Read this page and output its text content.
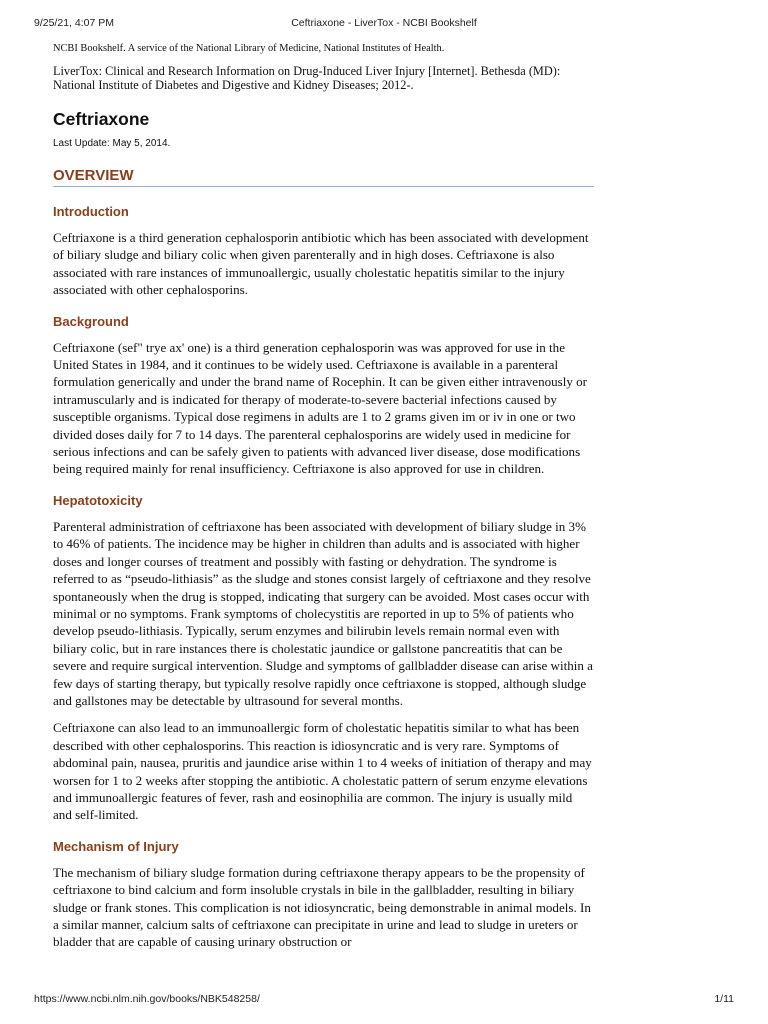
9/25/21, 4:07 PM	Ceftriaxone - LiverTox - NCBI Bookshelf

NCBI Bookshelf. A service of the National Library of Medicine, National Institutes of Health.

LiverTox: Clinical and Research Information on Drug-Induced Liver Injury [Internet]. Bethesda (MD): National Institute of Diabetes and Digestive and Kidney Diseases; 2012-.

Ceftriaxone

Last Update: May 5, 2014.

OVERVIEW
Introduction

Ceftriaxone is a third generation cephalosporin antibiotic which has been associated with development of biliary sludge and biliary colic when given parenterally and in high doses. Ceftriaxone is also associated with rare instances of immunoallergic, usually cholestatic hepatitis similar to the injury associated with other cephalosporins.

Background

Ceftriaxone (sef" trye ax' one) is a third generation cephalosporin was was approved for use in the United States in 1984, and it continues to be widely used. Ceftriaxone is available in a parenteral formulation generically and under the brand name of Rocephin. It can be given either intravenously or intramuscularly and is indicated for therapy of moderate-to-severe bacterial infections caused by susceptible organisms. Typical dose regimens in adults are 1 to 2 grams given im or iv in one or two divided doses daily for 7 to 14 days. The parenteral cephalosporins are widely used in medicine for serious infections and can be safely given to patients with advanced liver disease, dose modifications being required mainly for renal insufficiency. Ceftriaxone is also approved for use in children.

Hepatotoxicity

Parenteral administration of ceftriaxone has been associated with development of biliary sludge in 3% to 46% of patients. The incidence may be higher in children than adults and is associated with higher doses and longer courses of treatment and possibly with fasting or dehydration. The syndrome is referred to as “pseudo-lithiasis” as the sludge and stones consist largely of ceftriaxone and they resolve spontaneously when the drug is stopped, indicating that surgery can be avoided. Most cases occur with minimal or no symptoms. Frank symptoms of cholecystitis are reported in up to 5% of patients who develop pseudo-lithiasis. Typically, serum enzymes and bilirubin levels remain normal even with biliary colic, but in rare instances there is cholestatic jaundice or gallstone pancreatitis that can be severe and require surgical intervention. Sludge and symptoms of gallbladder disease can arise within a few days of starting therapy, but typically resolve rapidly once ceftriaxone is stopped, although sludge and gallstones may be detectable by ultrasound for several months.

Ceftriaxone can also lead to an immunoallergic form of cholestatic hepatitis similar to what has been described with other cephalosporins. This reaction is idiosyncratic and is very rare. Symptoms of abdominal pain, nausea, pruritis and jaundice arise within 1 to 4 weeks of initiation of therapy and may worsen for 1 to 2 weeks after stopping the antibiotic. A cholestatic pattern of serum enzyme elevations and immunoallergic features of fever, rash and eosinophilia are common. The injury is usually mild and self-limited.

Mechanism of Injury

The mechanism of biliary sludge formation during ceftriaxone therapy appears to be the propensity of ceftriaxone to bind calcium and form insoluble crystals in bile in the gallbladder, resulting in biliary sludge or frank stones. This complication is not idiosyncratic, being demonstrable in animal models. In a similar manner, calcium salts of ceftriaxone can precipitate in urine and lead to sludge in ureters or bladder that are capable of causing urinary obstruction or

https://www.ncbi.nlm.nih.gov/books/NBK548258/	1/11
